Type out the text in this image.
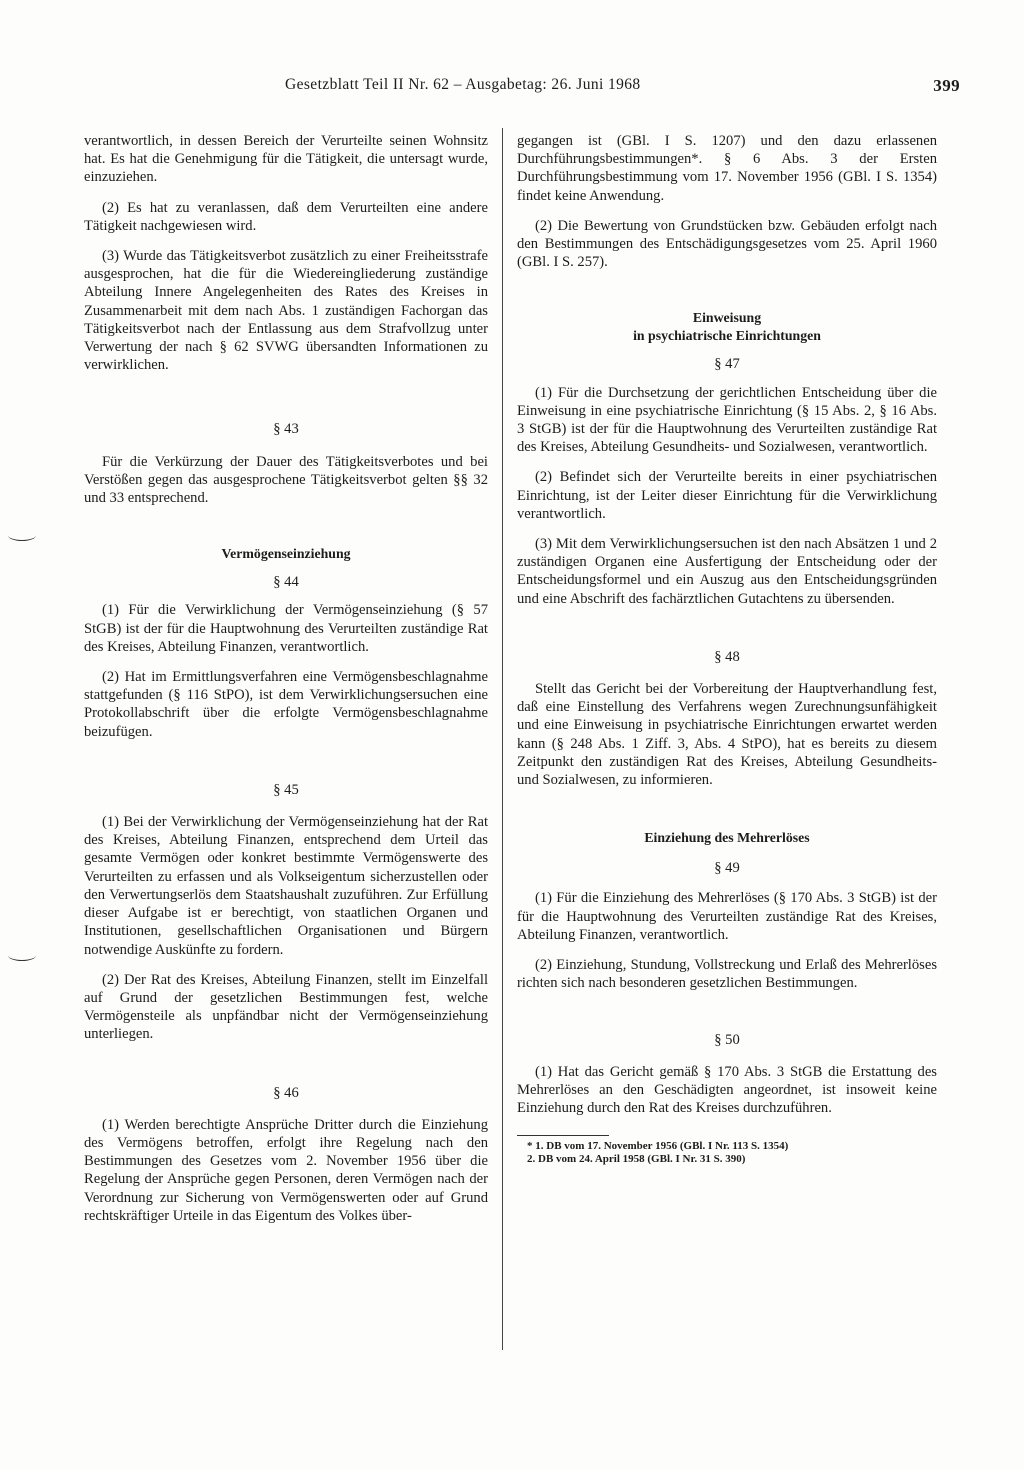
Gesetzblatt Teil II Nr. 62 – Ausgabetag: 26. Juni 1968	399

verantwortlich, in dessen Bereich der Verurteilte seinen Wohnsitz hat. Es hat die Genehmigung für die Tätigkeit, die untersagt wurde, einzuziehen.

(2) Es hat zu veranlassen, daß dem Verurteilten eine andere Tätigkeit nachgewiesen wird.

(3) Wurde das Tätigkeitsverbot zusätzlich zu einer Freiheitsstrafe ausgesprochen, hat die für die Wiedereingliederung zuständige Abteilung Innere Angelegenheiten des Rates des Kreises in Zusammenarbeit mit dem nach Abs. 1 zuständigen Fachorgan das Tätigkeitsverbot nach der Entlassung aus dem Strafvollzug unter Verwertung der nach § 62 SVWG übersandten Informationen zu verwirklichen.

§ 43

Für die Verkürzung der Dauer des Tätigkeitsverbotes und bei Verstößen gegen das ausgesprochene Tätigkeitsverbot gelten §§ 32 und 33 entsprechend.

Vermögenseinziehung

§ 44

(1) Für die Verwirklichung der Vermögenseinziehung (§ 57 StGB) ist der für die Hauptwohnung des Verurteilten zuständige Rat des Kreises, Abteilung Finanzen, verantwortlich.

(2) Hat im Ermittlungsverfahren eine Vermögensbeschlagnahme stattgefunden (§ 116 StPO), ist dem Verwirklichungsersuchen eine Protokollabschrift über die erfolgte Vermögensbeschlagnahme beizufügen.

§ 45

(1) Bei der Verwirklichung der Vermögenseinziehung hat der Rat des Kreises, Abteilung Finanzen, entsprechend dem Urteil das gesamte Vermögen oder konkret bestimmte Vermögenswerte des Verurteilten zu erfassen und als Volkseigentum sicherzustellen oder den Verwertungserlös dem Staatshaushalt zuzuführen. Zur Erfüllung dieser Aufgabe ist er berechtigt, von staatlichen Organen und Institutionen, gesellschaftlichen Organisationen und Bürgern notwendige Auskünfte zu fordern.

(2) Der Rat des Kreises, Abteilung Finanzen, stellt im Einzelfall auf Grund der gesetzlichen Bestimmungen fest, welche Vermögensteile als unpfändbar nicht der Vermögenseinziehung unterliegen.

§ 46

(1) Werden berechtigte Ansprüche Dritter durch die Einziehung des Vermögens betroffen, erfolgt ihre Regelung nach den Bestimmungen des Gesetzes vom 2. November 1956 über die Regelung der Ansprüche gegen Personen, deren Vermögen nach der Verordnung zur Sicherung von Vermögenswerten oder auf Grund rechtskräftiger Urteile in das Eigentum des Volkes über-

gegangen ist (GBl. I S. 1207) und den dazu erlassenen Durchführungsbestimmungen*. § 6 Abs. 3 der Ersten Durchführungsbestimmung vom 17. November 1956 (GBl. I S. 1354) findet keine Anwendung.

(2) Die Bewertung von Grundstücken bzw. Gebäuden erfolgt nach den Bestimmungen des Entschädigungsgesetzes vom 25. April 1960 (GBl. I S. 257).

Einweisung

in psychiatrische Einrichtungen

§ 47

(1) Für die Durchsetzung der gerichtlichen Entscheidung über die Einweisung in eine psychiatrische Einrichtung (§ 15 Abs. 2, § 16 Abs. 3 StGB) ist der für die Hauptwohnung des Verurteilten zuständige Rat des Kreises, Abteilung Gesundheits- und Sozialwesen, verantwortlich.

(2) Befindet sich der Verurteilte bereits in einer psychiatrischen Einrichtung, ist der Leiter dieser Einrichtung für die Verwirklichung verantwortlich.

(3) Mit dem Verwirklichungsersuchen ist den nach Absätzen 1 und 2 zuständigen Organen eine Ausfertigung der Entscheidung oder der Entscheidungsformel und ein Auszug aus den Entscheidungsgründen und eine Abschrift des fachärztlichen Gutachtens zu übersenden.

§ 48

Stellt das Gericht bei der Vorbereitung der Hauptverhandlung fest, daß eine Einstellung des Verfahrens wegen Zurechnungsunfähigkeit und eine Einweisung in psychiatrische Einrichtungen erwartet werden kann (§ 248 Abs. 1 Ziff. 3, Abs. 4 StPO), hat es bereits zu diesem Zeitpunkt den zuständigen Rat des Kreises, Abteilung Gesundheits- und Sozialwesen, zu informieren.

Einziehung des Mehrerlöses

§ 49

(1) Für die Einziehung des Mehrerlöses (§ 170 Abs. 3 StGB) ist der für die Hauptwohnung des Verurteilten zuständige Rat des Kreises, Abteilung Finanzen, verantwortlich.

(2) Einziehung, Stundung, Vollstreckung und Erlaß des Mehrerlöses richten sich nach besonderen gesetzlichen Bestimmungen.

§ 50

(1) Hat das Gericht gemäß § 170 Abs. 3 StGB die Erstattung des Mehrerlöses an den Geschädigten angeordnet, ist insoweit keine Einziehung durch den Rat des Kreises durchzuführen.

* 1. DB vom 17. November 1956 (GBl. I Nr. 113 S. 1354)
2. DB vom 24. April 1958 (GBl. I Nr. 31 S. 390)
